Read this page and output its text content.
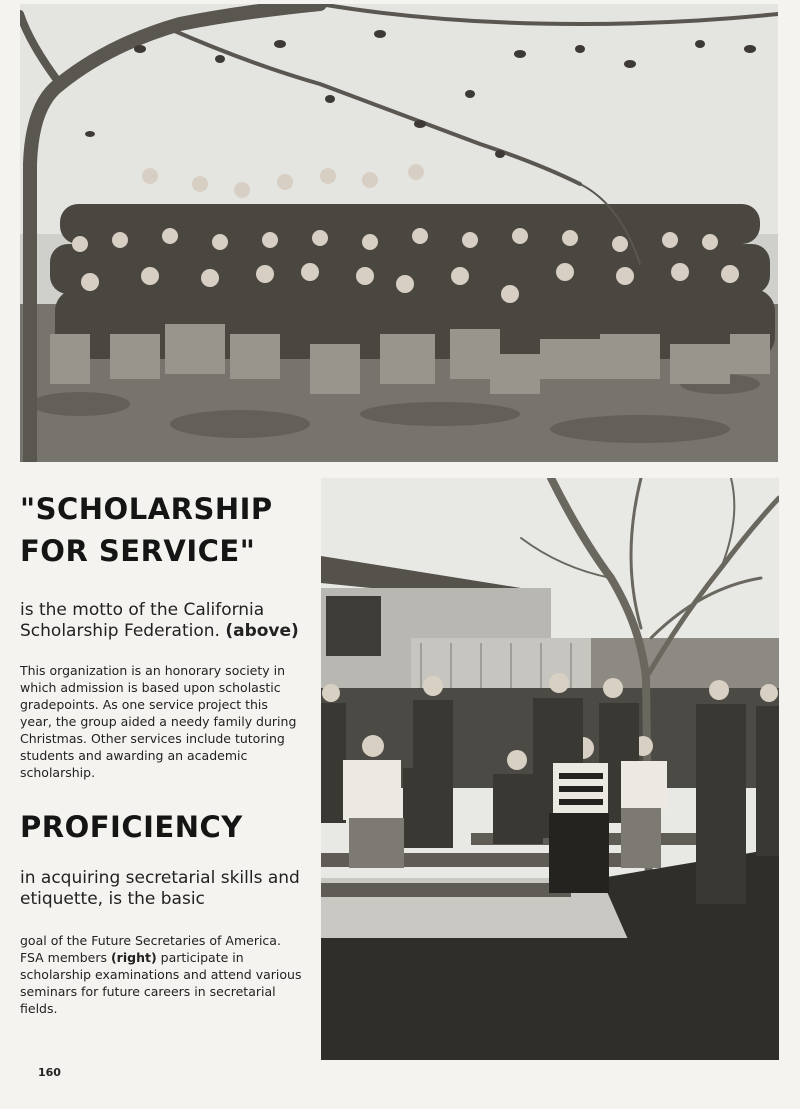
"SCHOLARSHIP FOR SERVICE"

is the motto of the California Scholarship Federation. (above)

This organization is an honorary society in which admission is based upon scholastic gradepoints. As one service project this year, the group aided a needy family during Christmas. Other services include tutoring students and awarding an academic scholarship.

PROFICIENCY

in acquiring secretarial skills and etiquette, is the basic

goal of the Future Secretaries of America. FSA members (right) participate in scholarship examinations and attend various seminars for future careers in secretarial fields.

160
